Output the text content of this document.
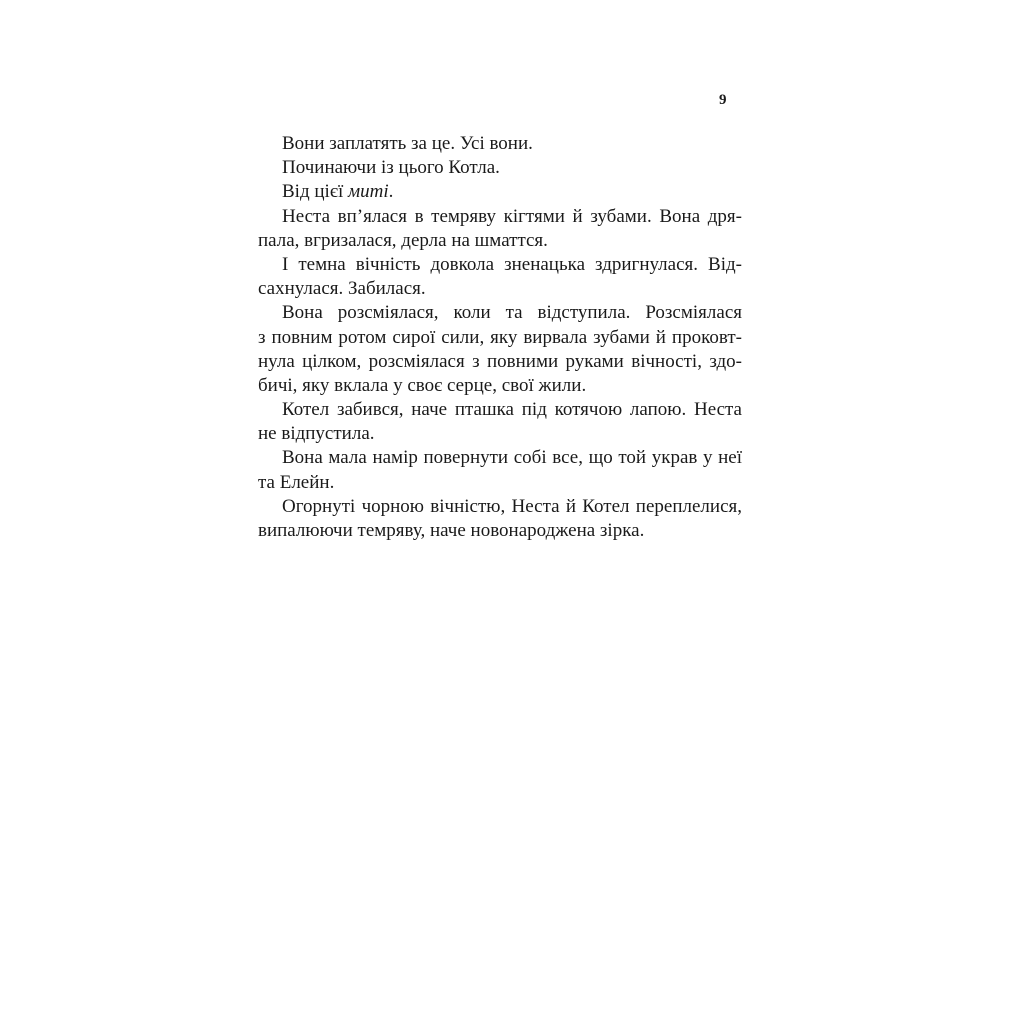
9
Вони заплатять за це. Усі вони.
Починаючи із цього Котла.
Від цієї миті.
Неста вп’ялася в темряву кігтями й зубами. Вона дря-
пала, вгризалася, дерла на шматтся.
І темна вічність довкола зненацька здригнулася. Від-
сахнулася. Забилася.
Вона розсміялася, коли та відступила. Розсміялася
з повним ротом сирої сили, яку вирвала зубами й проковт-
нула цілком, розсміялася з повними руками вічності, здо-
бичі, яку вклала у своє серце, свої жили.
Котел забився, наче пташка під котячою лапою. Неста
не відпустила.
Вона мала намір повернути собі все, що той украв у неї
та Елейн.
Огорнуті чорною вічністю, Неста й Котел переплелися,
випалюючи темряву, наче новонароджена зірка.
